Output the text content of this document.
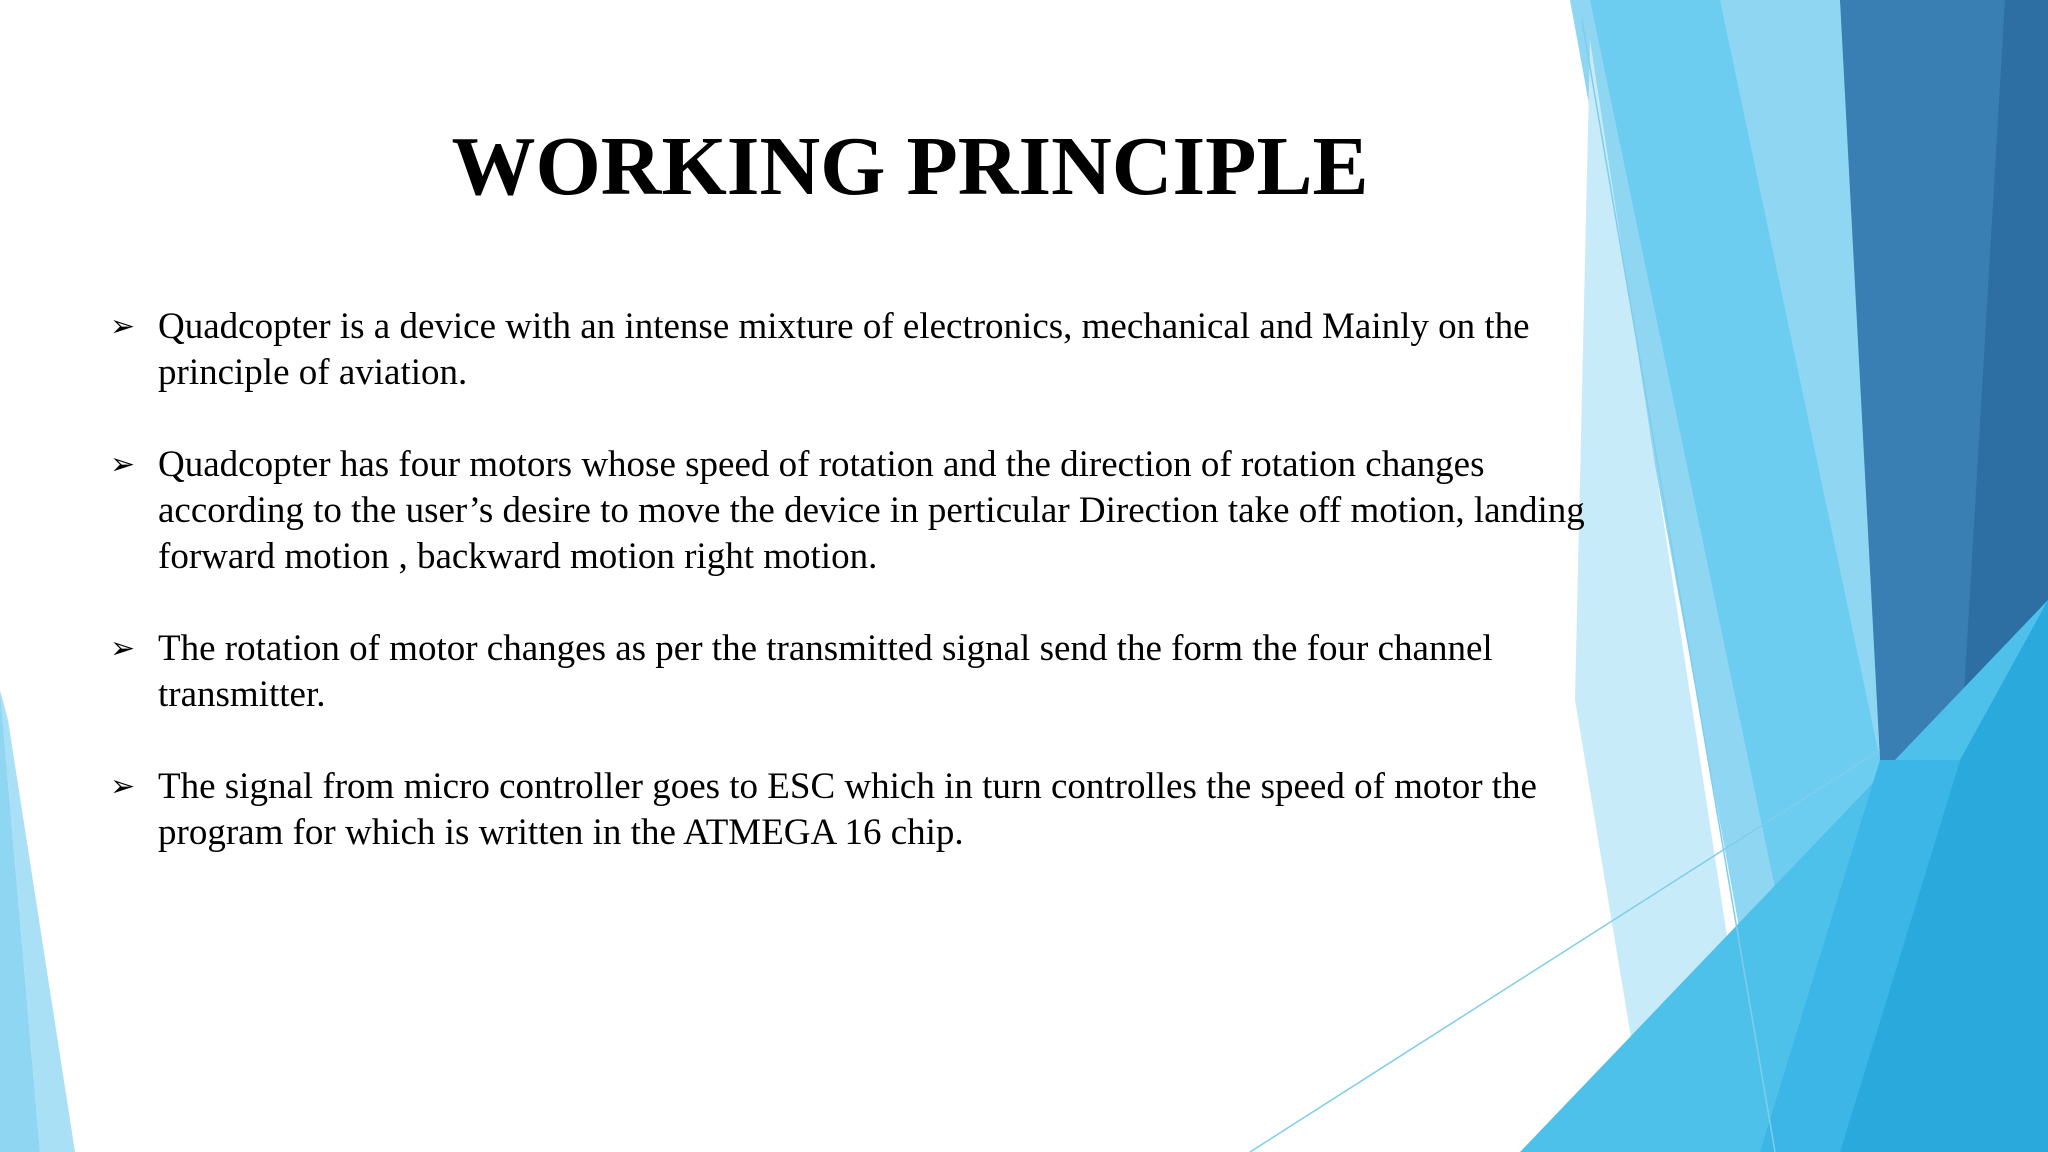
WORKING PRINCIPLE
➢ Quadcopter is a device with an intense mixture of electronics, mechanical and Mainly on the principle of aviation.
➢ Quadcopter has four motors whose speed of rotation and the direction of rotation changes according to the user’s desire to move the device in perticular Direction take off motion, landing forward motion , backward motion right motion.
➢ The rotation of motor changes as per the transmitted signal send the form the four channel transmitter.
➢ The signal from micro controller goes to ESC which in turn controlles the speed of motor the program for which is written in the ATMEGA 16 chip.
